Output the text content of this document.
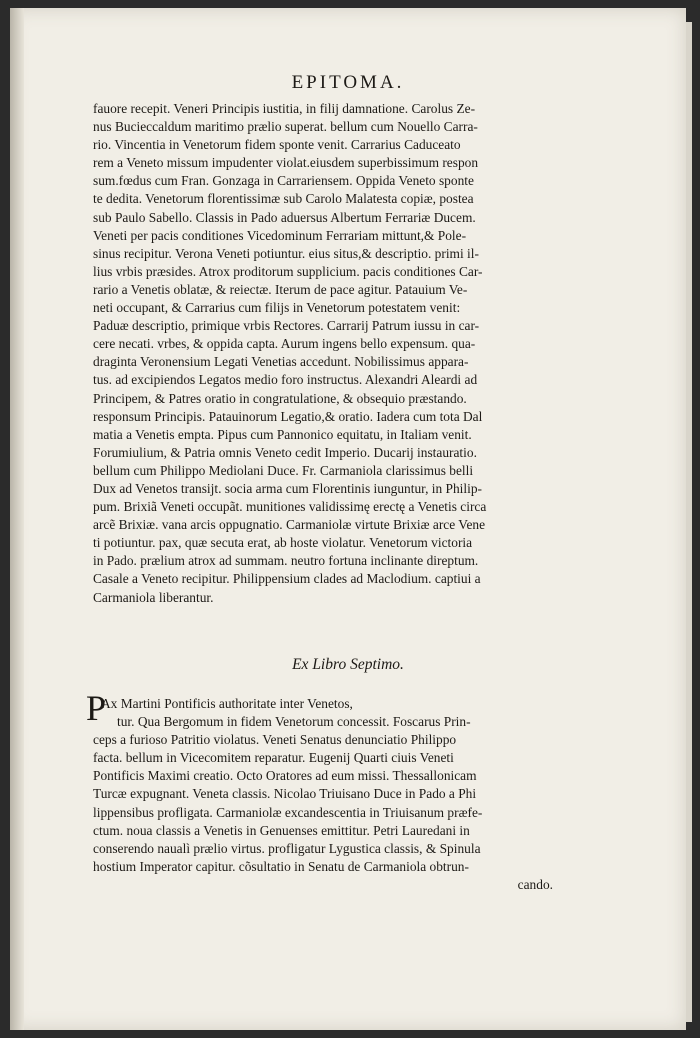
EPITOMA.
fauore recepit. Veneri Principis iustitia, in filij damnatione. Carolus Ze-
nus Bucieccaldum maritimo prælio superat. bellum cum Nouello Carra-
rio. Vincentia in Venetorum fidem sponte venit. Carrarius Caduceato
rem a Veneto missum impudenter violat.eiusdem superbissimum respon
sum.fœdus cum Fran. Gonzaga in Carrariensem. Oppida Veneto sponte
te dedita. Venetorum florentissimæ sub Carolo Malatesta copiæ, postea
sub Paulo Sabello. Classis in Pado aduersus Albertum Ferrariæ Ducem.
Veneti per pacis conditiones Vicedominum Ferrariam mittunt,& Pole-
sinus recipitur. Verona Veneti potiuntur. eius situs,& descriptio. primi il-
lius vrbis præsides. Atrox proditorum supplicium. pacis conditiones Car-
rario a Venetis oblatæ, & reiectæ. Iterum de pace agitur. Patauium Ve-
neti occupant, & Carrarius cum filijs in Venetorum potestatem venit:
Paduæ descriptio, primique vrbis Rectores. Carrarij Patrum iussu in car-
cere necati. vrbes, & oppida capta. Aurum ingens bello expensum. qua-
draginta Veronensium Legati Venetias accedunt. Nobilissimus appara-
tus. ad excipiendos Legatos medio foro instructus. Alexandri Aleardi ad
Principem, & Patres oratio in congratulatione, & obsequio præstando.
responsum Principis. Patauinorum Legatio,& oratio. Iadera cum tota Dal
matia a Venetis empta. Pipus cum Pannonico equitatu, in Italiam venit.
Forumiulium, & Patria omnis Veneto cedit Imperio. Ducarij instauratio.
bellum cum Philippo Mediolani Duce. Fr. Carmaniola clarissimus belli
Dux ad Venetos transijt. socia arma cum Florentinis iunguntur, in Philip-
pum. Brixiã Veneti occupãt. munitiones validissimę erectę a Venetis circa
arcẽ Brixiæ. vana arcis oppugnatio. Carmaniolæ virtute Brixiæ arce Vene
ti potiuntur. pax, quæ secuta erat, ab hoste violatur. Venetorum victoria
in Pado. prælium atrox ad summam. neutro fortuna inclinante direptum.
Casale a Veneto recipitur. Philippensium clades ad Maclodium. captiui a
Carmaniola liberantur.
Ex Libro Septimo.
P
Ax Martini Pontificis authoritate inter Venetos,
tur. Qua Bergomum in fidem Venetorum concessit. Foscarus Prin-
ceps a furioso Patritio violatus. Veneti Senatus denunciatio Philippo
facta. bellum in Vicecomitem reparatur. Eugenij Quarti ciuis Veneti
Pontificis Maximi creatio. Octo Oratores ad eum missi. Thessallonicam
Turcæ expugnant. Veneta classis. Nicolao Triuisano Duce in Pado a Phi
lippensibus profligata. Carmaniolæ excandescentia in Triuisanum præfe-
ctum. noua classis a Venetis in Genuenses emittitur. Petri Lauredani in
conserendo naualì prælio virtus. profligatur Lygustica classis, & Spinula
hostium Imperator capitur. cõsultatio in Senatu de Carmaniola obtrun-
cando.
